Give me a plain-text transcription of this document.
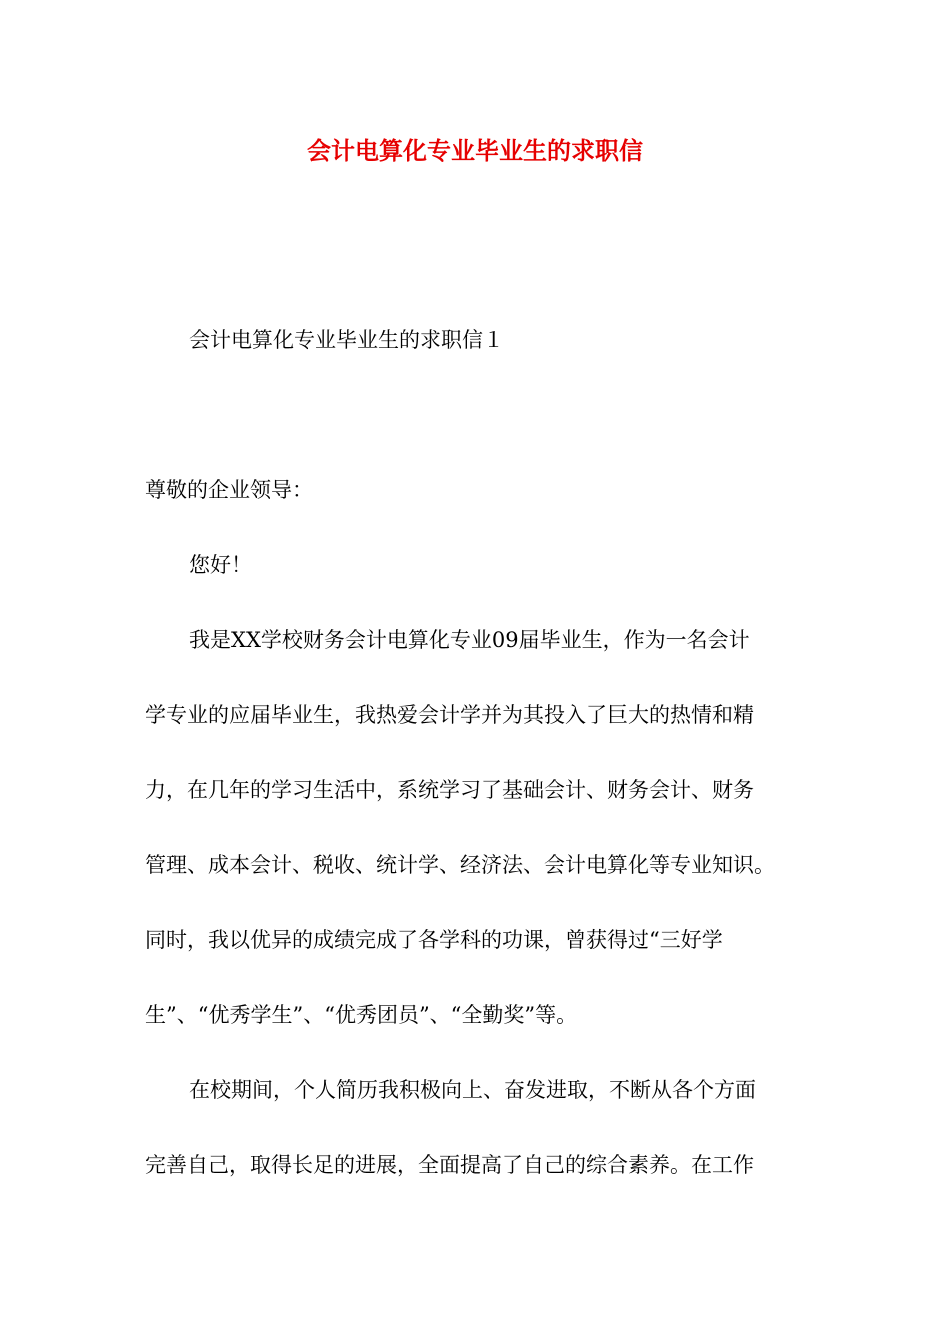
会计电算化专业毕业生的求职信

会计电算化专业毕业生的求职信１

尊敬的企业领导：

您好！

我是XX学校财务会计电算化专业09届毕业生，作为一名会计

学专业的应届毕业生，我热爱会计学并为其投入了巨大的热情和精

力，在几年的学习生活中，系统学习了基础会计、财务会计、财务

管理、成本会计、税收、统计学、经济法、会计电算化等专业知识。

同时，我以优异的成绩完成了各学科的功课，曾获得过“三好学

生”、“优秀学生”、“优秀团员”、“全勤奖”等。

在校期间，个人简历我积极向上、奋发进取，不断从各个方面

完善自己，取得长足的进展，全面提高了自己的综合素养。在工作
